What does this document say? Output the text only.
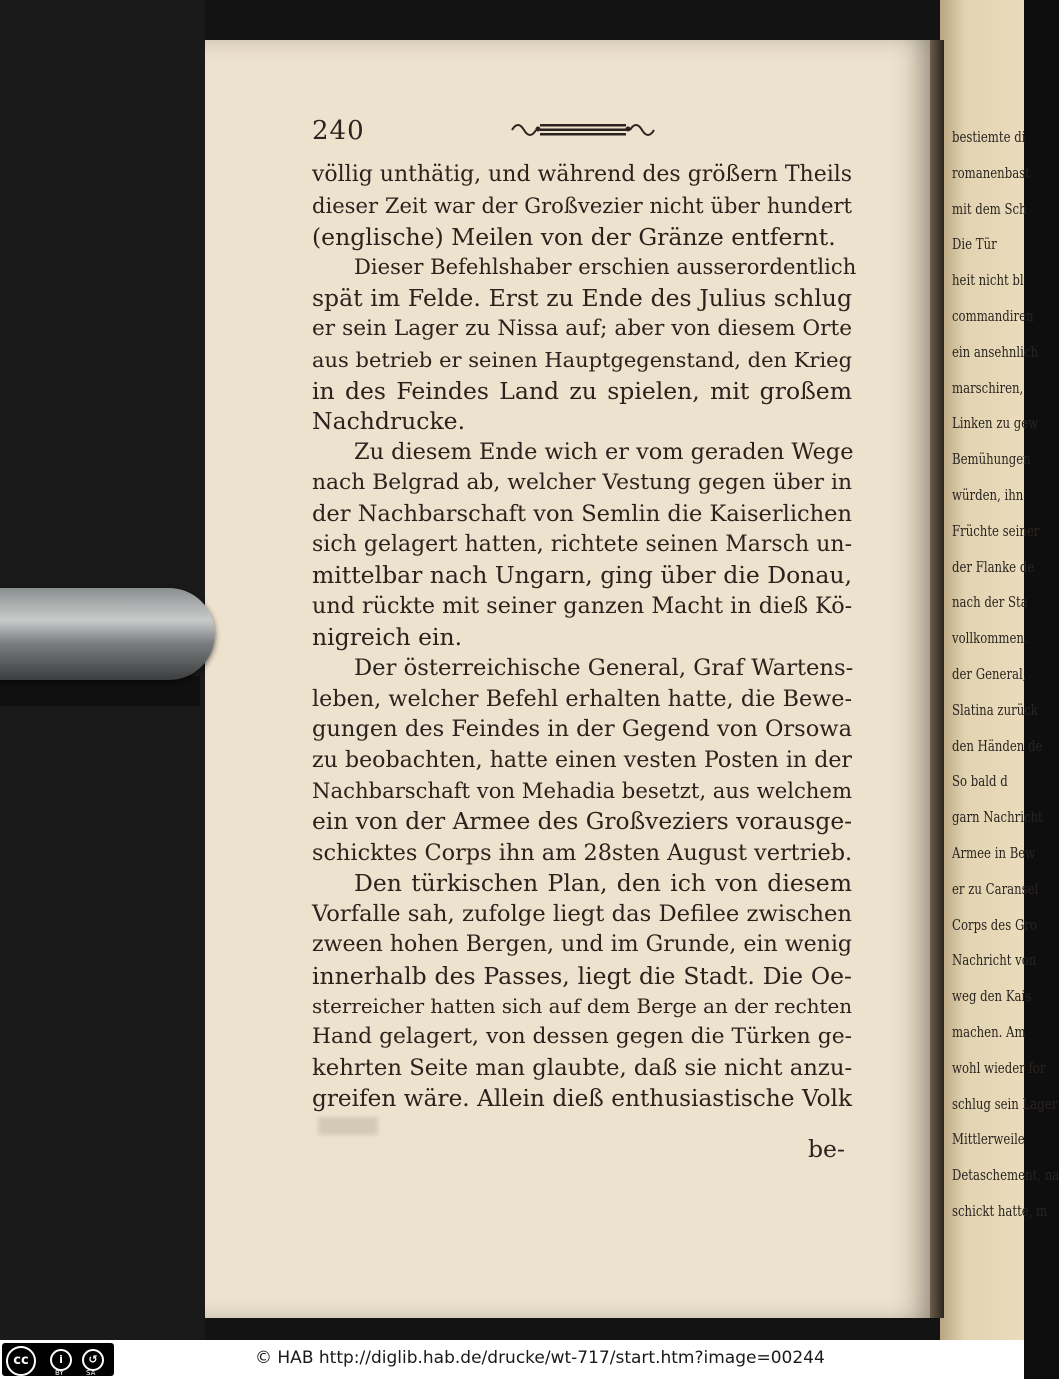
bestiemte di
romanenbast
mit dem Sch
Die Tür
heit nicht bl
commandiren
ein ansehnlich
marschiren,
Linken zu gew
Bemühungen
würden, ihn
Früchte seiner
der Flanke de
nach der Sta
vollkommen.
der General,
Slatina zurück
den Händen de
So bald d
garn Nachricht
Armee in Bew
er zu Caransel
Corps des Gro
Nachricht von
weg den Kais
machen. Am
wohl wieder for
schlug sein Lager
Mittlerweile
Detaschement, na
schickt hatte, in
240
völlig unthätig, und während des größern Theils
dieser Zeit war der Großvezier nicht über hundert
(englische) Meilen von der Gränze entfernt.
Dieser Befehlshaber erschien ausserordentlich
spät im Felde. Erst zu Ende des Julius schlug
er sein Lager zu Nissa auf; aber von diesem Orte
aus betrieb er seinen Hauptgegenstand, den Krieg
in des Feindes Land zu spielen, mit großem
Nachdrucke.
Zu diesem Ende wich er vom geraden Wege
nach Belgrad ab, welcher Vestung gegen über in
der Nachbarschaft von Semlin die Kaiserlichen
sich gelagert hatten, richtete seinen Marsch un-
mittelbar nach Ungarn, ging über die Donau,
und rückte mit seiner ganzen Macht in dieß Kö-
nigreich ein.
Der österreichische General, Graf Wartens-
leben, welcher Befehl erhalten hatte, die Bewe-
gungen des Feindes in der Gegend von Orsowa
zu beobachten, hatte einen vesten Posten in der
Nachbarschaft von Mehadia besetzt, aus welchem
ein von der Armee des Großveziers vorausge-
schicktes Corps ihn am 28sten August vertrieb.
Den türkischen Plan, den ich von diesem
Vorfalle sah, zufolge liegt das Defilee zwischen
zween hohen Bergen, und im Grunde, ein wenig
innerhalb des Passes, liegt die Stadt. Die Oe-
sterreicher hatten sich auf dem Berge an der rechten
Hand gelagert, von dessen gegen die Türken ge-
kehrten Seite man glaubte, daß sie nicht anzu-
greifen wäre. Allein dieß enthusiastische Volk
be-
cc	i	↺
BY	SA
© HAB http://diglib.hab.de/drucke/wt-717/start.htm?image=00244
